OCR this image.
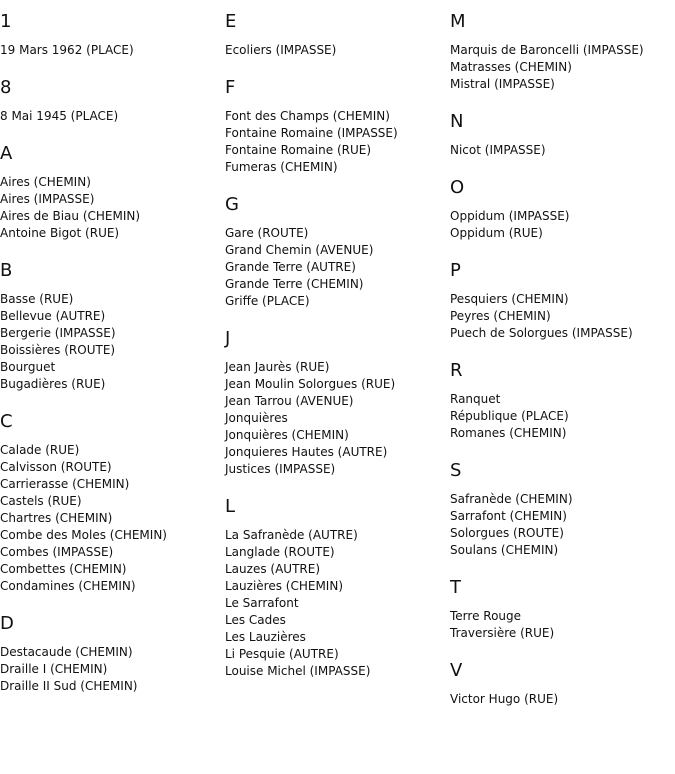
1
19 Mars 1962 (PLACE)
8
8 Mai 1945 (PLACE)
A
Aires (CHEMIN)
Aires (IMPASSE)
Aires de Biau (CHEMIN)
Antoine Bigot (RUE)
B
Basse (RUE)
Bellevue (AUTRE)
Bergerie (IMPASSE)
Boissières (ROUTE)
Bourguet
Bugadières (RUE)
C
Calade (RUE)
Calvisson (ROUTE)
Carrierasse (CHEMIN)
Castels (RUE)
Chartres (CHEMIN)
Combe des Moles (CHEMIN)
Combes (IMPASSE)
Combettes (CHEMIN)
Condamines (CHEMIN)
D
Destacaude (CHEMIN)
Draille I (CHEMIN)
Draille II Sud (CHEMIN)
E
Ecoliers (IMPASSE)
F
Font des Champs (CHEMIN)
Fontaine Romaine (IMPASSE)
Fontaine Romaine (RUE)
Fumeras (CHEMIN)
G
Gare (ROUTE)
Grand Chemin (AVENUE)
Grande Terre (AUTRE)
Grande Terre (CHEMIN)
Griffe (PLACE)
J
Jean Jaurès (RUE)
Jean Moulin Solorgues (RUE)
Jean Tarrou (AVENUE)
Jonquières
Jonquières (CHEMIN)
Jonquieres Hautes (AUTRE)
Justices (IMPASSE)
L
La Safranède (AUTRE)
Langlade (ROUTE)
Lauzes (AUTRE)
Lauzières (CHEMIN)
Le Sarrafont
Les Cades
Les Lauzières
Li Pesquie (AUTRE)
Louise Michel (IMPASSE)
M
Marquis de Baroncelli (IMPASSE)
Matrasses (CHEMIN)
Mistral (IMPASSE)
N
Nicot (IMPASSE)
O
Oppidum (IMPASSE)
Oppidum (RUE)
P
Pesquiers (CHEMIN)
Peyres (CHEMIN)
Puech de Solorgues (IMPASSE)
R
Ranquet
République (PLACE)
Romanes (CHEMIN)
S
Safranède (CHEMIN)
Sarrafont (CHEMIN)
Solorgues (ROUTE)
Soulans (CHEMIN)
T
Terre Rouge
Traversière (RUE)
V
Victor Hugo (RUE)
